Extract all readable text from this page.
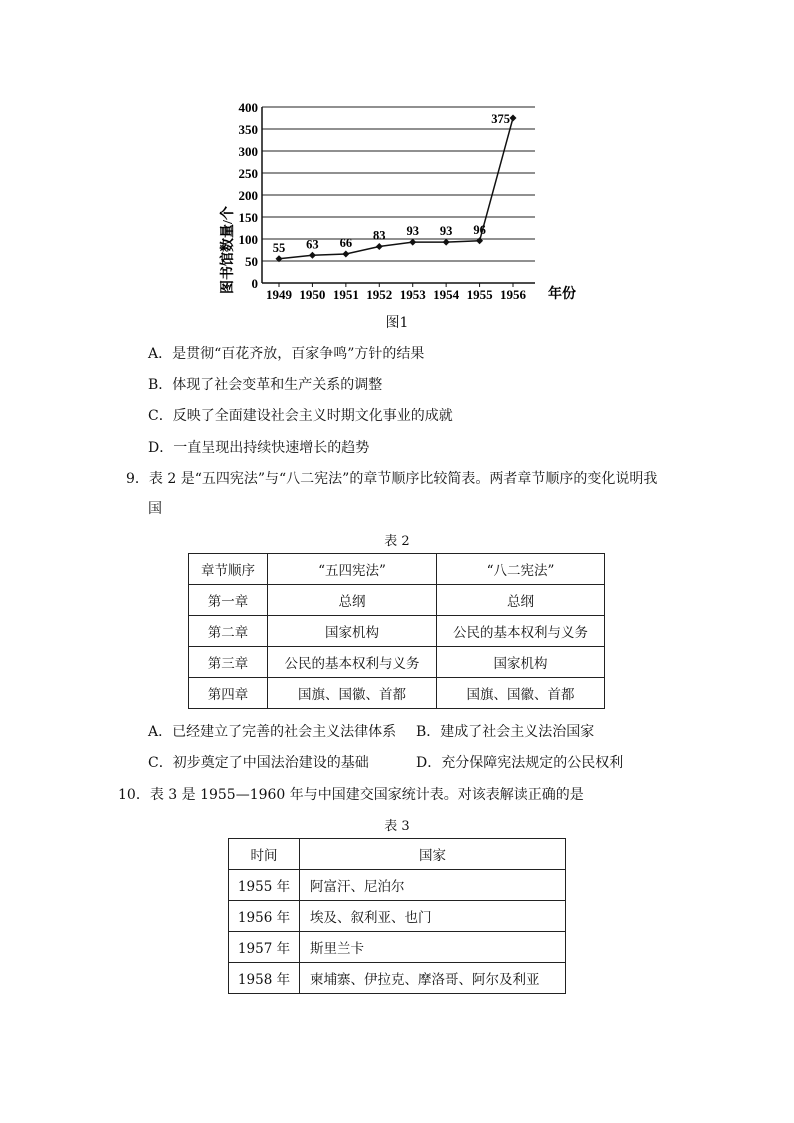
图书馆数量/个
年份
0
50
100
150
200
250
300
350
400
1949 1950 1951 1952 1953 1954 1955 1956
55 63 66
83 93 93 96
375
图1
A．是贯彻“百花齐放，百家争鸣”方针的结果
B．体现了社会变革和生产关系的调整
C．反映了全面建设社会主义时期文化事业的成就
D．一直呈现出持续快速增长的趋势
9．表 2 是“五四宪法”与“八二宪法”的章节顺序比较简表。两者章节顺序的变化说明我
国
表 2
章节顺序	“五四宪法”	“八二宪法”
第一章	总纲	总纲
第二章	国家机构	公民的基本权利与义务
第三章	公民的基本权利与义务	国家机构
第四章	国旗、国徽、首都	国旗、国徽、首都
A．已经建立了完善的社会主义法律体系 B．建成了社会主义法治国家
C．初步奠定了中国法治建设的基础	D．充分保障宪法规定的公民权利
10．表 3 是 1955—1960 年与中国建交国家统计表。对该表解读正确的是
表 3
时间	国家
1955 年	阿富汗、尼泊尔
1956 年	埃及、叙利亚、也门
1957 年	斯里兰卡
1958 年	柬埔寨、伊拉克、摩洛哥、阿尔及利亚
